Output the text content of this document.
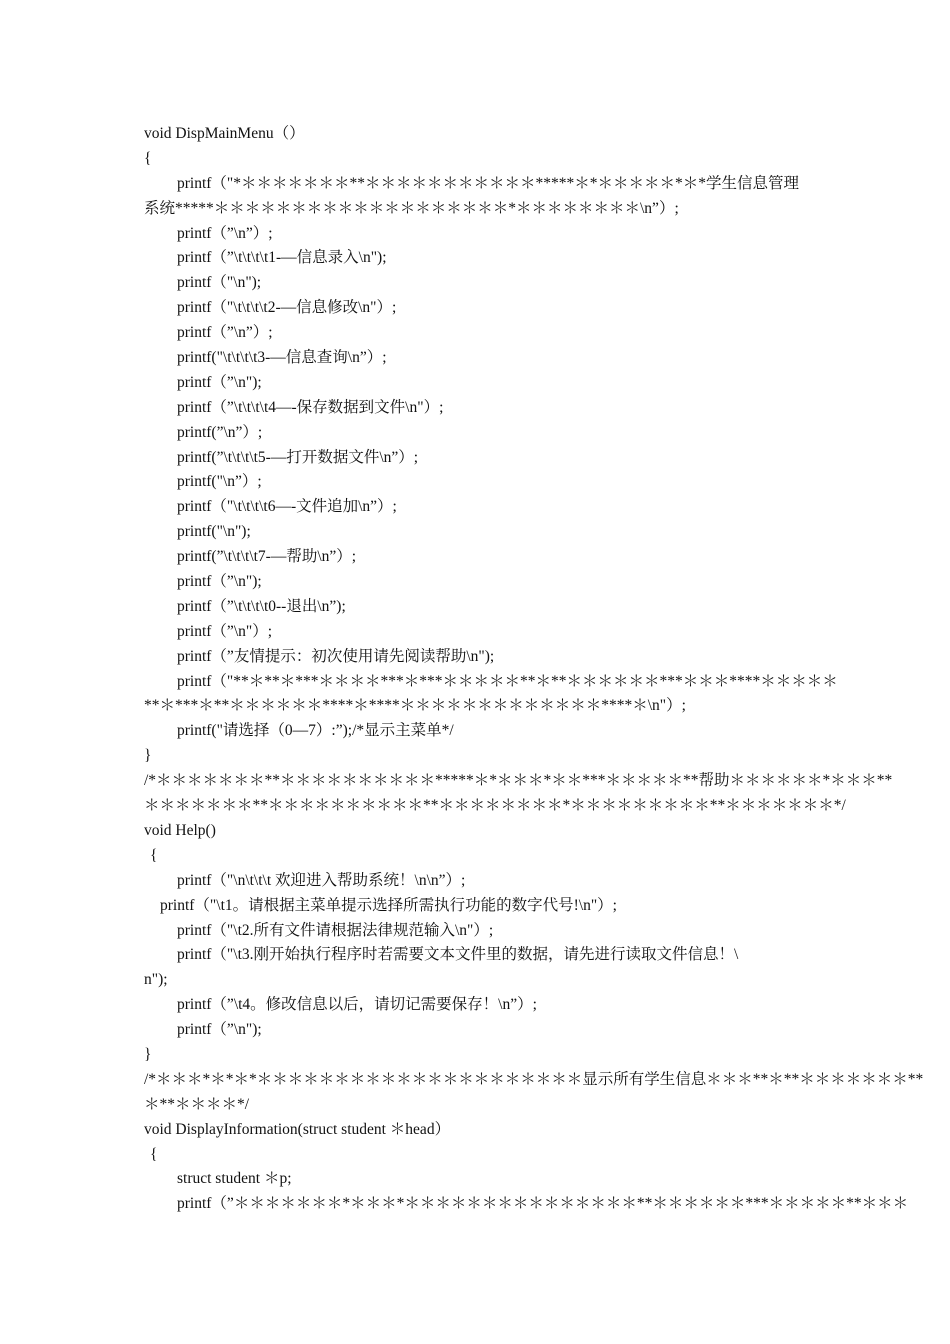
void DispMainMenu（）
{
printf（"*＊＊＊＊＊＊＊**＊＊＊＊＊＊＊＊＊＊＊*****＊*＊＊＊＊＊*＊*学生信息管理
系统*****＊＊＊＊＊＊＊＊＊＊＊＊＊＊＊＊＊＊＊*＊＊＊＊＊＊＊＊\n”）;
printf（”\n”）;
printf（”\t\t\t\t1-—信息录入\n");
printf（"\n");
printf（"\t\t\t\t2-—信息修改\n"）;
printf（”\n”）;
printf("\t\t\t\t3-—信息查询\n”）;
printf（”\n");
printf（”\t\t\t\t4—-保存数据到文件\n"）;
printf(”\n”）;
printf(”\t\t\t\t5-—打开数据文件\n”）;
printf("\n”）;
printf（"\t\t\t\t6—-文件追加\n”）;
printf("\n");
printf(”\t\t\t\t7-—帮助\n”）;
printf（”\n");
printf（”\t\t\t\t0--退出\n”);
printf（”\n"）;
printf（”友情提示：初次使用请先阅读帮助\n");
printf（"**＊**＊***＊＊＊＊***＊***＊＊＊＊＊**＊**＊＊＊＊＊＊***＊＊＊****＊＊＊＊＊
**＊***＊**＊＊＊＊＊＊****＊****＊＊＊＊＊＊＊＊＊＊＊＊＊****＊\n"）;
printf("请选择（0—7）:”);/*显示主菜单*/
}
/*＊＊＊＊＊＊＊**＊＊＊＊＊＊＊＊＊＊*****＊*＊＊＊*＊＊***＊＊＊＊＊**帮助＊＊＊＊＊＊*＊＊＊**
＊＊＊＊＊＊＊**＊＊＊＊＊＊＊＊＊＊**＊＊＊＊＊＊＊＊*＊＊＊＊＊＊＊＊＊**＊＊＊＊＊＊＊*/
void Help()
{
printf（"\n\t\t\t 欢迎进入帮助系统！\n\n”）;
printf（"\t1。请根据主菜单提示选择所需执行功能的数字代号!\n"）;
printf（"\t2.所有文件请根据法律规范输入\n"）;
printf（"\t3.刚开始执行程序时若需要文本文件里的数据，请先进行读取文件信息！\
n");
printf（”\t4。修改信息以后，请切记需要保存！\n”）;
printf（”\n");
}
/*＊＊＊*＊*＊*＊＊＊＊＊＊＊＊＊＊＊＊＊＊＊＊＊＊＊＊＊显示所有学生信息＊＊＊**＊**＊＊＊＊＊＊＊**
＊**＊＊＊＊*/
void DisplayInformation(struct student ＊head）
{
struct student ＊p;
printf（”＊＊＊＊＊＊＊*＊＊＊*＊＊＊＊＊＊＊＊＊＊＊＊＊＊＊**＊＊＊＊＊＊***＊＊＊＊＊**＊＊＊
